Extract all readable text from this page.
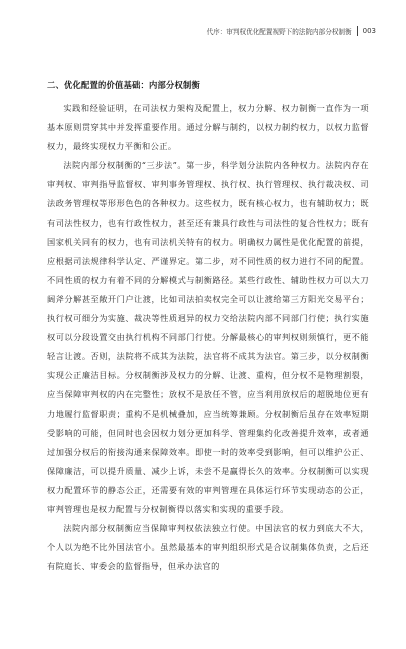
代序：审判权优化配置视野下的法院内部分权制衡 003
二、优化配置的价值基础：内部分权制衡

实践和经验证明，在司法权力架构及配置上，权力分解、权力制衡一直作为一项基本原则贯穿其中并发挥重要作用。通过分解与制约，以权力制约权力，以权力监督权力，最终实现权力平衡和公正。

法院内部分权制衡的“三步法”。第一步，科学划分法院内各种权力。法院内存在审判权、审判指导监督权、审判事务管理权、执行权、执行管理权、执行裁决权、司法政务管理权等形形色色的各种权力。这些权力，既有核心权力，也有辅助权力；既有司法性权力，也有行政性权力，甚至还有兼具行政性与司法性的复合性权力；既有国家机关同有的权力，也有司法机关特有的权力。明确权力属性是优化配置的前提，应根据司法规律科学认定、严谨界定。第二步，对不同性质的权力进行不同的配置。不同性质的权力有着不同的分解模式与制衡路径。某些行政性、辅助性权力可以大刀阔斧分解甚至敞开门户让渡，比如司法拍卖权完全可以让渡给第三方阳光交易平台；执行权可细分为实施、裁决等性质迥异的权力交给法院内部不同部门行使；执行实施权可以分段设置交由执行机构不同部门行使。分解最核心的审判权则须慎行，更不能轻言让渡。否则，法院将不成其为法院，法官将不成其为法官。第三步，以分权制衡实现公正廉洁目标。分权制衡涉及权力的分解、让渡、重构，但分权不是物理割裂，应当保障审判权的内在完整性；放权不是放任不管，应当利用放权后的超脱地位更有力地履行监督职责；重构不是机械叠加，应当统筹兼顾。分权制衡后虽存在效率短期受影响的可能，但同时也会因权力划分更加科学、管理集约化改善提升效率，或者通过加强分权后的衔接沟通来保障效率。即使一时的效率受到影响，但可以维护公正、保障廉洁，可以提升质量、减少上诉，未尝不是赢得长久的效率。分权制衡可以实现权力配置环节的静态公正，还需要有效的审判管理在具体运行环节实现动态的公正，审判管理也是权力配置与分权制衡得以落实和实现的重要手段。

法院内部分权制衡应当保障审判权依法独立行使。中国法官的权力到底大不大，个人以为绝不比外国法官小。虽然最基本的审判组织形式是合议制集体负责，之后还有院庭长、审委会的监督指导，但承办法官的
